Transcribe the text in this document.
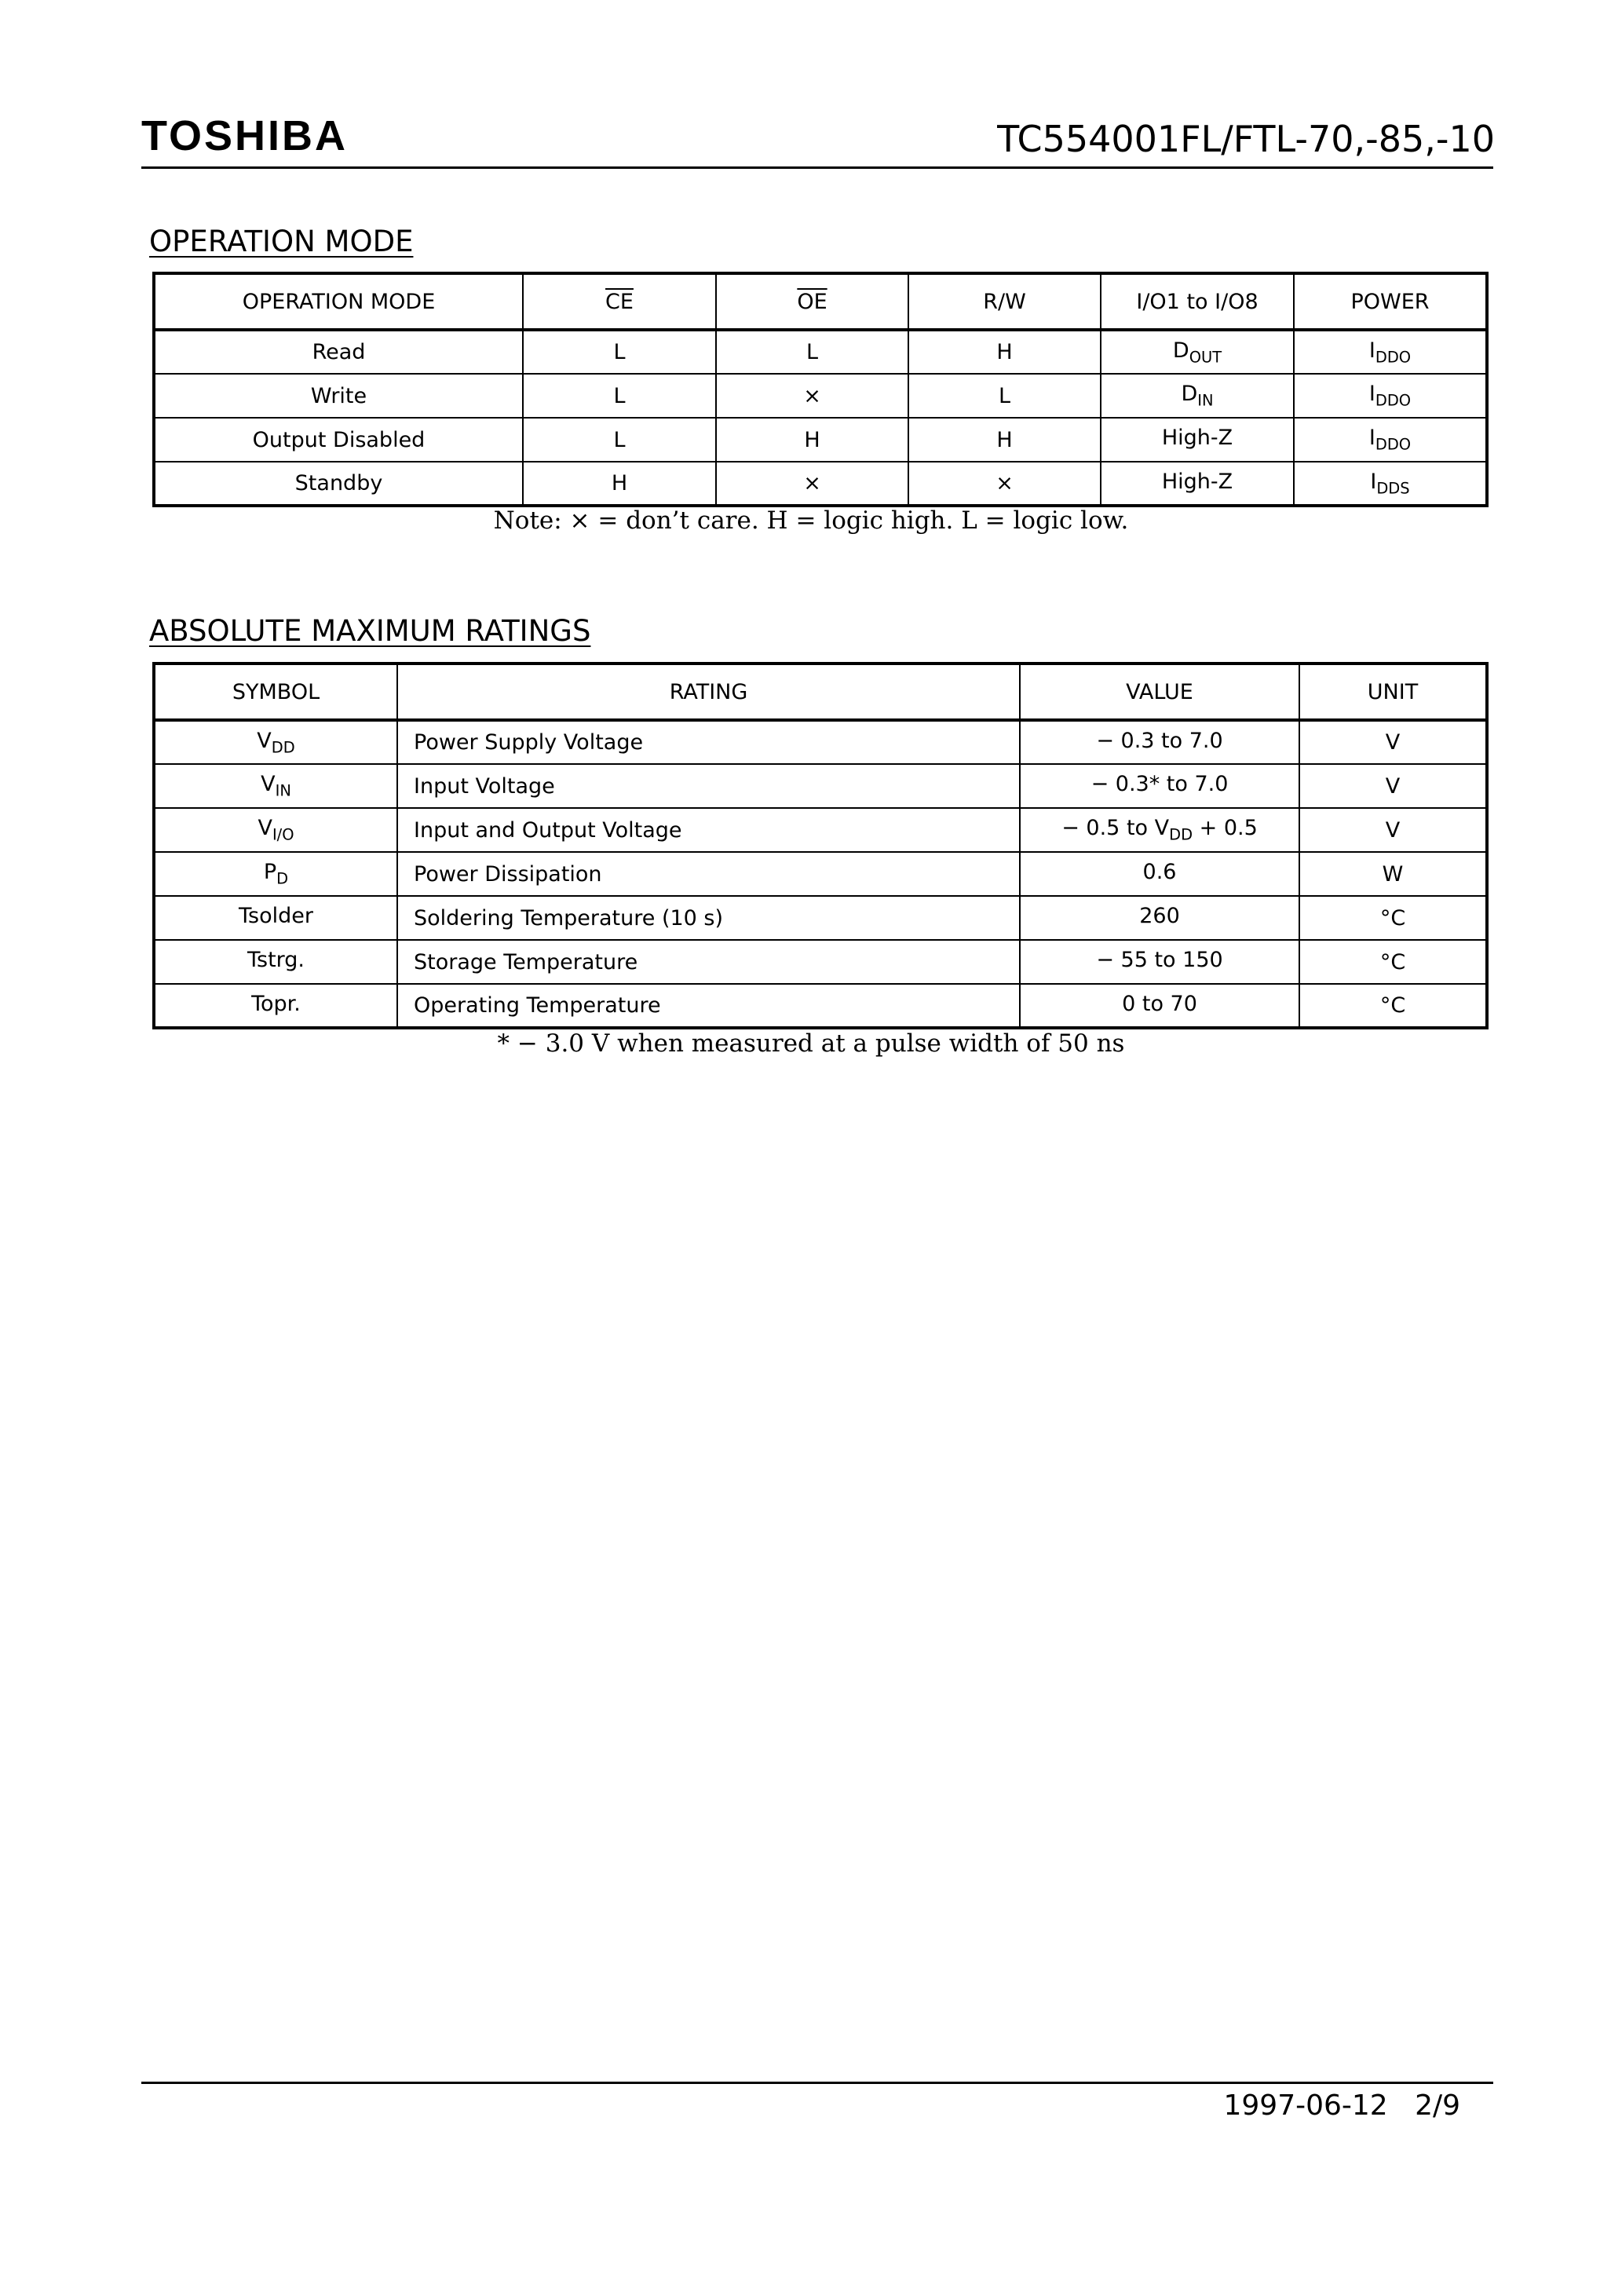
TOSHIBA	TC554001FL/FTL-70,-85,-10
OPERATION MODE
OPERATION MODE	$\overline{CE}$	$\overline{OE}$	R/W	I/O1 to I/O8	POWER
Read	L	L	H	$D_{OUT}$	$I_{DDO}$
Write	L	×	L	$D_{IN}$	$I_{DDO}$
Output Disabled	L	H	H	High-Z	$I_{DDO}$
Standby	H	×	×	High-Z	$I_{DDS}$
Note: × = don’t care. H = logic high. L = logic low.
ABSOLUTE MAXIMUM RATINGS
SYMBOL	RATING	VALUE	UNIT
$V_{DD}$	Power Supply Voltage	− 0.3 to 7.0	V
$V_{IN}$	Input Voltage	− 0.3* to 7.0	V
$V_{I/O}$	Input and Output Voltage	− 0.5 to $V_{DD} + 0.5$	V
$P_D$	Power Dissipation	0.6	W
Tsolder	Soldering Temperature (10 s)	260	°C
Tstrg.	Storage Temperature	− 55 to 150	°C
Topr.	Operating Temperature	0 to 70	°C
* − 3.0 V when measured at a pulse width of 50 ns
1997-06-12 2/9
